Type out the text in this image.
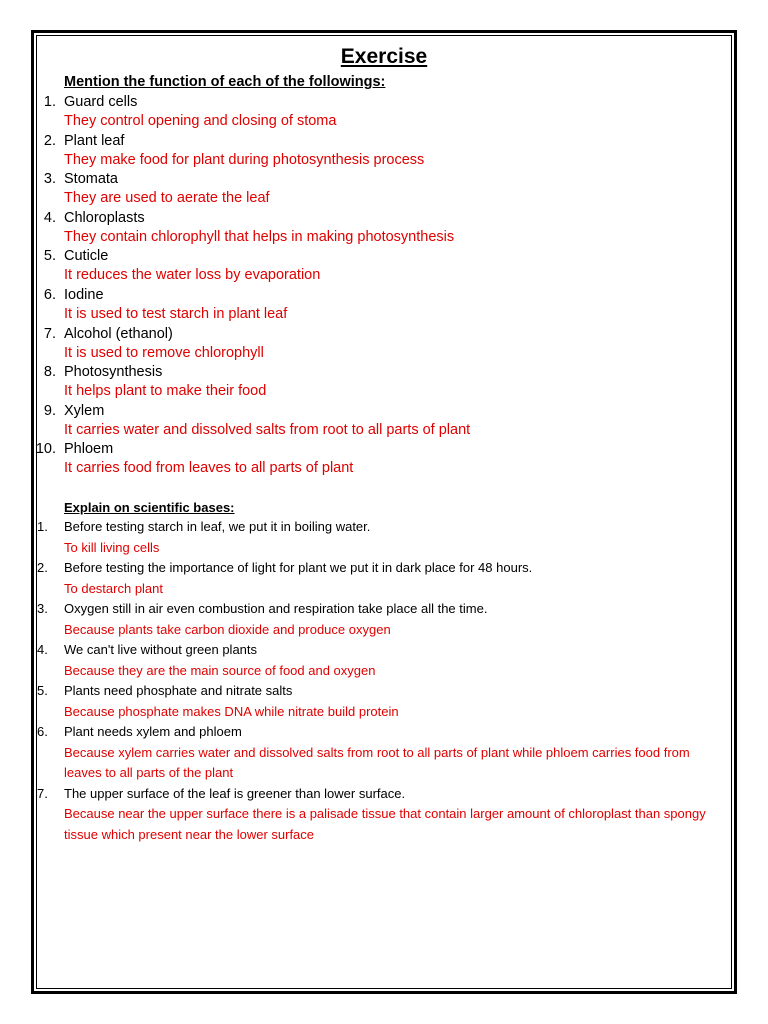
Exercise
Mention the function of each of the followings:
1. Guard cells
They control opening and closing of stoma
2. Plant leaf
They make food for plant during photosynthesis process
3. Stomata
They are used to aerate the leaf
4. Chloroplasts
They contain chlorophyll that helps in making photosynthesis
5. Cuticle
It reduces the water loss by evaporation
6. Iodine
It is used to test starch in plant leaf
7. Alcohol (ethanol)
It is used to remove chlorophyll
8. Photosynthesis
It helps plant to make their food
9. Xylem
It carries water and dissolved salts from root to all parts of plant
10. Phloem
It carries food from leaves to all parts of plant
Explain on scientific bases:
1.	Before testing starch in leaf, we put it in boiling water.
To kill living cells
2.	Before testing the importance of light for plant we put it in dark place for 48 hours.
To destarch plant
3.	Oxygen still in air even combustion and respiration take place all the time.
Because plants take carbon dioxide and produce oxygen
4.	We can't live without green plants
Because they are the main source of food and oxygen
5.	Plants need phosphate and nitrate salts
Because phosphate makes DNA while nitrate build protein
6.	Plant needs xylem and phloem
Because xylem carries water and dissolved salts from root to all parts of plant while phloem carries food from leaves to all parts of the plant
7.	The upper surface of the leaf is greener than lower surface.
Because near the upper surface there is a palisade tissue that contain larger amount of chloroplast than spongy tissue which present near the lower surface
